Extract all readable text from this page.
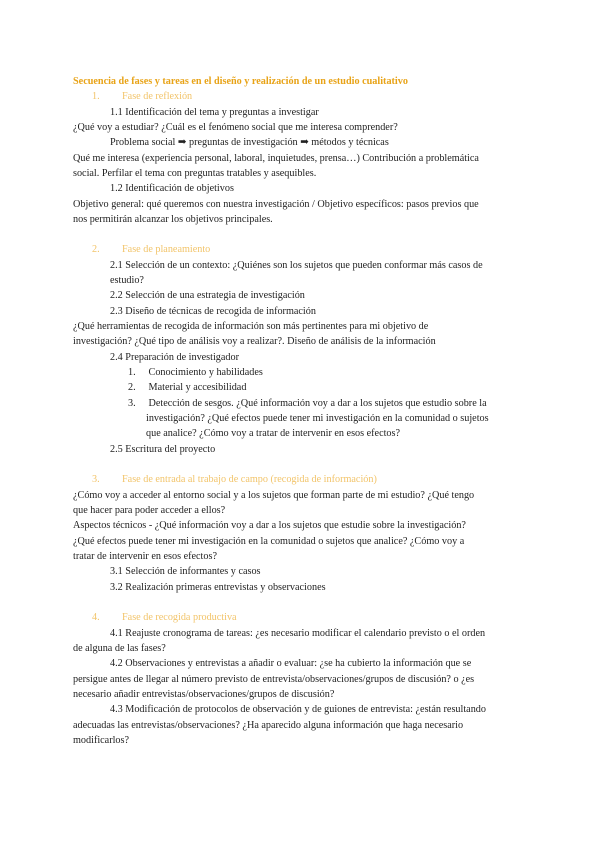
Secuencia de fases y tareas en el diseño y realización de un estudio cualitativo
1. Fase de reflexión
1.1 Identificación del tema y preguntas a investigar
¿Qué voy a estudiar? ¿Cuál es el fenómeno social que me interesa comprender?
Problema social ➡ preguntas de investigación ➡ métodos y técnicas
Qué me interesa (experiencia personal, laboral, inquietudes, prensa…) Contribución a problemática
social. Perfilar el tema con preguntas tratables y asequibles.
1.2 Identificación de objetivos
Objetivo general: qué queremos con nuestra investigación / Objetivo específicos: pasos previos que
nos permitirán alcanzar los objetivos principales.
2. Fase de planeamiento
2.1 Selección de un contexto: ¿Quiénes son los sujetos que pueden conformar más casos de
estudio?
2.2 Selección de una estrategia de investigación
2.3 Diseño de técnicas de recogida de información
¿Qué herramientas de recogida de información son más pertinentes para mi objetivo de
investigación? ¿Qué tipo de análisis voy a realizar?. Diseño de análisis de la información
2.4 Preparación de investigador
1. Conocimiento y habilidades
2. Material y accesibilidad
3. Detección de sesgos. ¿Qué información voy a dar a los sujetos que estudio sobre la
investigación? ¿Qué efectos puede tener mi investigación en la comunidad o sujetos
que analice? ¿Cómo voy a tratar de intervenir en esos efectos?
2.5 Escritura del proyecto
3. Fase de entrada al trabajo de campo (recogida de información)
¿Cómo voy a acceder al entorno social y a los sujetos que forman parte de mi estudio? ¿Qué tengo
que hacer para poder acceder a ellos?
Aspectos técnicos - ¿Qué información voy a dar a los sujetos que estudie sobre la investigación?
¿Qué efectos puede tener mi investigación en la comunidad o sujetos que analice? ¿Cómo voy a
tratar de intervenir en esos efectos?
3.1 Selección de informantes y casos
3.2 Realización primeras entrevistas y observaciones
4. Fase de recogida productiva
4.1 Reajuste cronograma de tareas: ¿es necesario modificar el calendario previsto o el orden
de alguna de las fases?
4.2 Observaciones y entrevistas a añadir o evaluar: ¿se ha cubierto la información que se
persigue antes de llegar al número previsto de entrevista/observaciones/grupos de discusión? o ¿es
necesario añadir entrevistas/observaciones/grupos de discusión?
4.3 Modificación de protocolos de observación y de guiones de entrevista: ¿están resultando
adecuadas las entrevistas/observaciones? ¿Ha aparecido alguna información que haga necesario
modificarlos?
